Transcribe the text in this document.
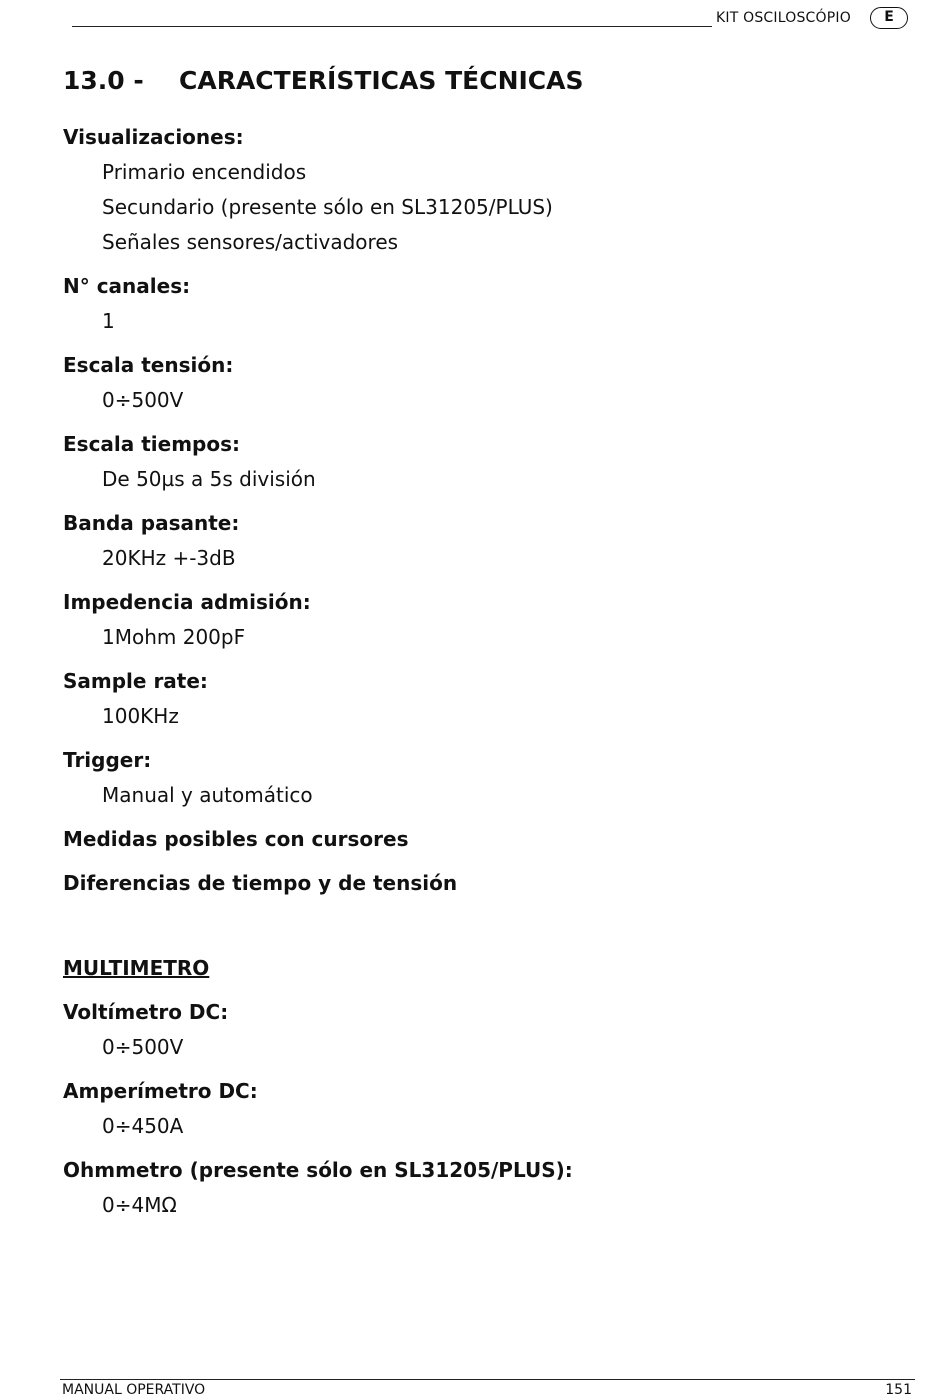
KIT OSCILOSCÓPIO	E
13.0 - CARACTERÍSTICAS TÉCNICAS

Visualizaciones:

Primario encendidos

Secundario (presente sólo en SL31205/PLUS)

Señales sensores/activadores

N° canales:

1

Escala tensión:

0÷500V

Escala tiempos:

De 50µs a 5s división

Banda pasante:

20KHz +-3dB

Impedencia admisión:

1Mohm 200pF

Sample rate:

100KHz

Trigger:

Manual y automático

Medidas posibles con cursores

Diferencias de tiempo y de tensión

MULTIMETRO

Voltímetro DC:

0÷500V

Amperímetro DC:

0÷450A

Ohmmetro (presente sólo en SL31205/PLUS):

0÷4MΩ

MANUAL OPERATIVO	151
